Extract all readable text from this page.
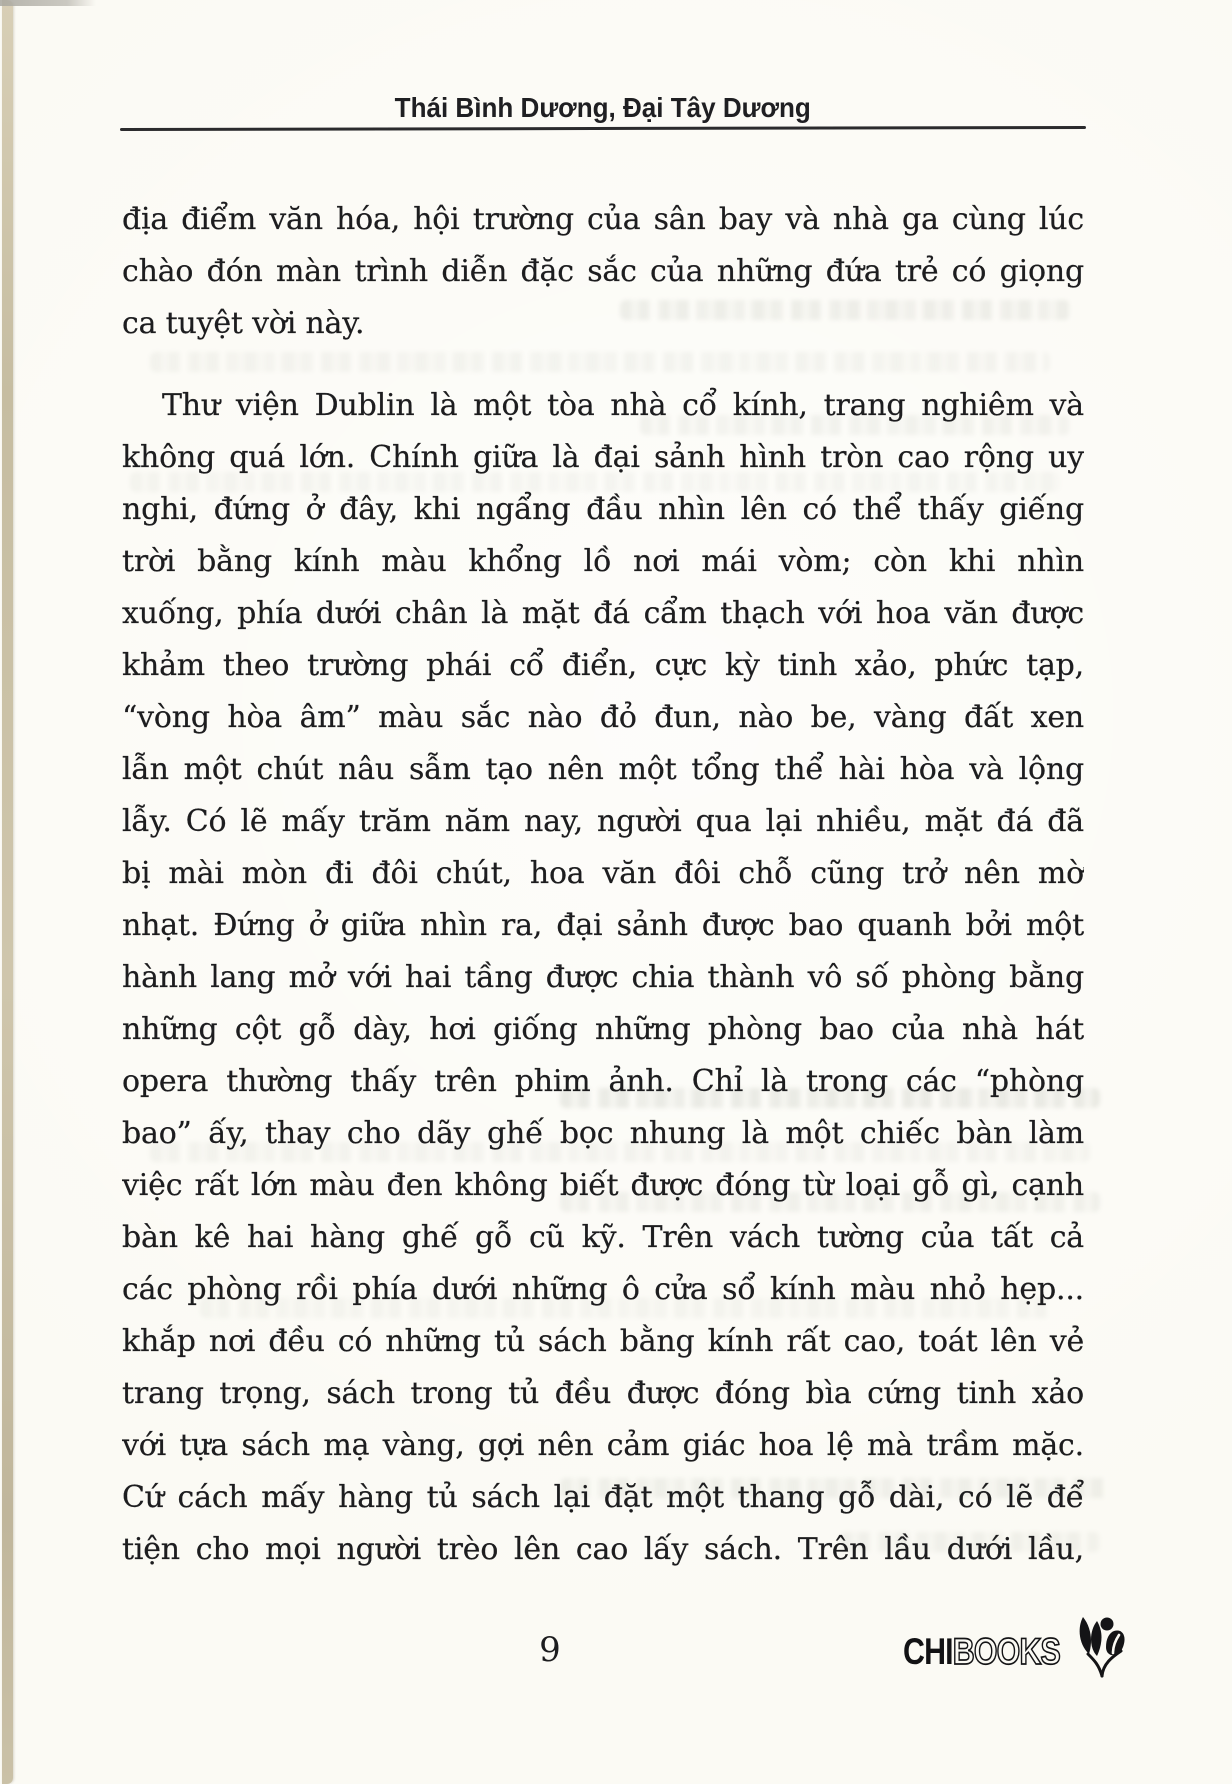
Thái Bình Dương, Đại Tây Dương
địa điểm văn hóa, hội trường của sân bay và nhà ga cùng lúc
chào đón màn trình diễn đặc sắc của những đứa trẻ có giọng
ca tuyệt vời này.
Thư viện Dublin là một tòa nhà cổ kính, trang nghiêm và
không quá lớn. Chính giữa là đại sảnh hình tròn cao rộng uy
nghi, đứng ở đây, khi ngẩng đầu nhìn lên có thể thấy giếng
trời bằng kính màu khổng lồ nơi mái vòm; còn khi nhìn
xuống, phía dưới chân là mặt đá cẩm thạch với hoa văn được
khảm theo trường phái cổ điển, cực kỳ tinh xảo, phức tạp,
“vòng hòa âm” màu sắc nào đỏ đun, nào be, vàng đất xen
lẫn một chút nâu sẫm tạo nên một tổng thể hài hòa và lộng
lẫy. Có lẽ mấy trăm năm nay, người qua lại nhiều, mặt đá đã
bị mài mòn đi đôi chút, hoa văn đôi chỗ cũng trở nên mờ
nhạt. Đứng ở giữa nhìn ra, đại sảnh được bao quanh bởi một
hành lang mở với hai tầng được chia thành vô số phòng bằng
những cột gỗ dày, hơi giống những phòng bao của nhà hát
opera thường thấy trên phim ảnh. Chỉ là trong các “phòng
bao” ấy, thay cho dãy ghế bọc nhung là một chiếc bàn làm
việc rất lớn màu đen không biết được đóng từ loại gỗ gì, cạnh
bàn kê hai hàng ghế gỗ cũ kỹ. Trên vách tường của tất cả
các phòng rồi phía dưới những ô cửa sổ kính màu nhỏ hẹp...
khắp nơi đều có những tủ sách bằng kính rất cao, toát lên vẻ
trang trọng, sách trong tủ đều được đóng bìa cứng tinh xảo
với tựa sách mạ vàng, gợi nên cảm giác hoa lệ mà trầm mặc.
Cứ cách mấy hàng tủ sách lại đặt một thang gỗ dài, có lẽ để
tiện cho mọi người trèo lên cao lấy sách. Trên lầu dưới lầu,
9	CHIBOOKS
